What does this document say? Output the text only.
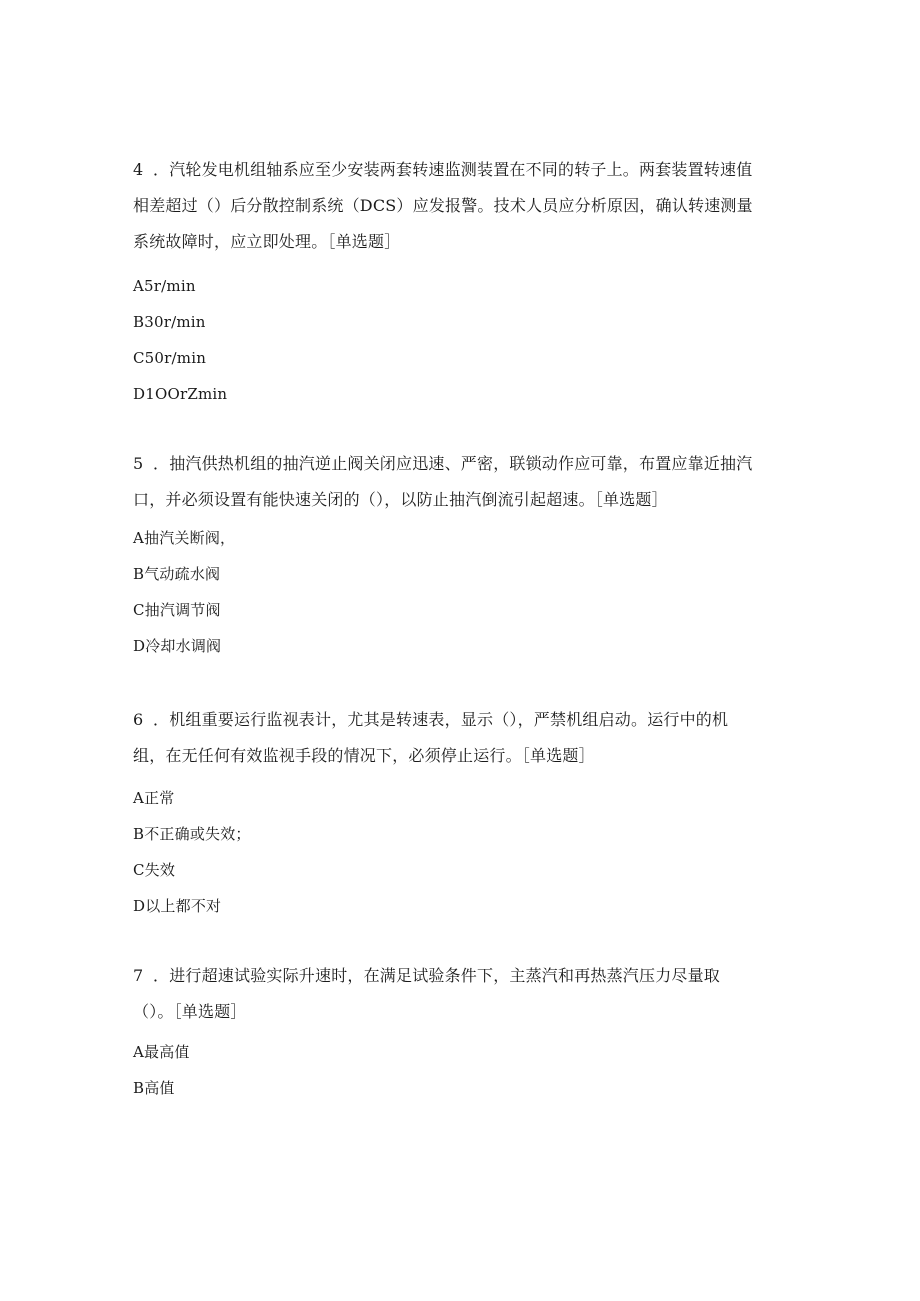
4 ．汽轮发电机组轴系应至少安装两套转速监测装置在不同的转子上。两套装置转速值

相差超过（）后分散控制系统（DCS）应发报警。技术人员应分析原因，确认转速测量

系统故障时，应立即处理。［单选题］

A5r∕min

B30r∕min

C50r∕min

D1OOrZmin

5 ．抽汽供热机组的抽汽逆止阀关闭应迅速、严密，联锁动作应可靠，布置应靠近抽汽

口，并必须设置有能快速关闭的（），以防止抽汽倒流引起超速。［单选题］

A抽汽关断阀，

B气动疏水阀

C抽汽调节阀

D冷却水调阀

6 ．机组重要运行监视表计，尤其是转速表，显示（），严禁机组启动。运行中的机

组，在无任何有效监视手段的情况下，必须停止运行。［单选题］

A正常

B不正确或失效；

C失效

D以上都不对

7 ．进行超速试验实际升速时，在满足试验条件下，主蒸汽和再热蒸汽压力尽量取

（）。［单选题］

A最高值

B高值
